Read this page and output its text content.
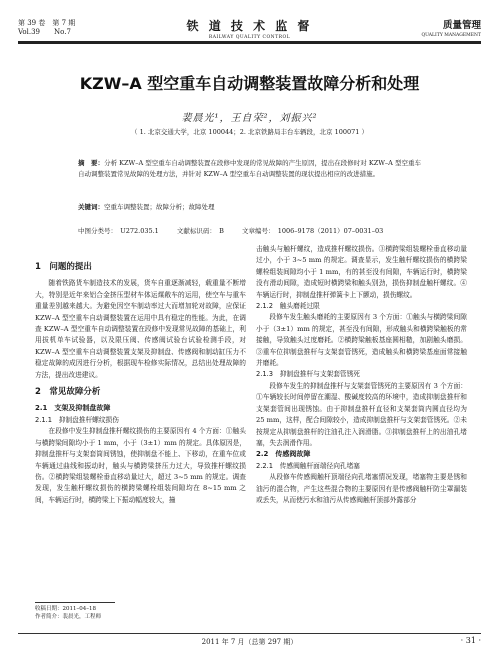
第 39 卷　第 7 期
Vol.39　　No.7	铁 道 技 术 监 督
RAILWAY QUALITY CONTROL
质量管理
QUALITY MANAGEMENT
KZW–A 型空重车自动调整装置故障分析和处理
裴晨光¹，王自荣²，刘振兴²
（ 1. 北京交通大学，北京 100044；2. 北京铁路局丰台车辆段，北京 100071 ）
摘　要：分析 KZW–A 型空重车自动调整装置在段修中发现的常见故障的产生原因，提出在段修时对 KZW–A 型空重车自动调整装置常见故障的处理方法，并针对 KZW–A 型空重车自动调整装置的现状提出相应的改进措施。
关键词：空重车调整装置；故障分析；故障处理
中图分类号：　U272.035.1	文献标识码：　B	文章编号：　1006–9178（2011）07–0031–03
1　问题的提出

随着铁路货车制造技术的发展，货车自重逐渐减轻，载重量不断增大，特别是近年来铝合金挤压型材车体运煤敞车的运用，使空车与重车重量差别越来越大。为避免因空车制动率过大而增加轮对故障，应保证 KZW–A 型空重车自动调整装置在运用中具有稳定的性能。为此，在调查 KZW–A 型空重车自动调整装置在段修中发现常见故障的基础上，利用拔机单车试验器，以及限压阀、传感阀试验台试验检测手段，对 KZW–A 型空重车自动调整装置支架及抑制盘、传感阀和制动缸压力不稳定故障的成因进行分析，根据现车检修实际情况，总结出处理故障的方法，提出改进建议。

2　常见故障分析
2.1　支架及抑制盘故障
2.1.1　抑制盘推杆螺纹损伤

在段修中发生抑制盘推杆螺纹损伤的主要原因有 4 个方面：①触头与横跨梁间隙均小于 1 mm，小于（3±1）mm 的规定。具体原因是，抑制盘推杆与支架套筒间锈蚀，使抑制盘不能上、下移动，在重车位或车辆通过曲线和振动时，触头与横跨梁挤压力过大，导致推杆螺纹损伤。②横跨梁组装螺栓垂直移动量过大，超过 3~5 mm 的规定。调查发现，发生触杆螺纹损伤的横跨梁螺栓组装间隙均在 8~15 mm 之间，车辆运行时，横跨梁上下振动幅度较大，撞

击触头与触杆螺纹，造成推杆螺纹损伤。③横跨梁组装螺栓垂直移动量过小，小于 3~5 mm 的规定。调查显示，发生触杆螺纹损伤的横跨梁螺栓组装间隙均小于 1 mm，有的甚至没有间隙，车辆运行时，横跨梁没有滑动间隙，造成短时横跨梁和触头别劲，损伤抑制盘触杆螺纹。④车辆运行时，抑制盘推杆弹簧卡上下颤动，损伤螺纹。

2.1.2　触头磨耗过限

段修车发生触头磨耗的主要原因有 3 个方面：①触头与横跨梁间隙小于（3±1）mm 的规定，甚至没有间隙，形成触头和横跨梁触板的常接触，导致触头过度磨耗。②横跨梁触板基座圆相糙，加剧触头磨损。③重车位抑制盘推杆与支架套管锈死，造成触头和横跨梁基座面常接触并磨耗。

2.1.3　抑制盘推杆与支架套管锈死

段修车发生的抑制盘推杆与支架套管锈死的主要原因有 3 个方面：①车辆较长时间停留在潮湿、酸碱度较高的环境中，造成抑制盘推杆和支架套管间出现锈蚀。由于抑制盘推杆直径和支架套筒内圆直径均为 25 mm，这样，配合间隙较小，造成抑制盘推杆与支架套管锈死。②未按规定从抑制盘推杆的注油孔注入润滑脂。③抑制盘推杆上的出油孔堵塞，失去润滑作用。

2.2　传感阀故障
2.2.1　传感阀触杆面端径向孔堵塞

从段修车传感阀触杆顶端径向孔堵塞情况发现，堵塞物主要是锈和油污的混合物，产生这些混合物的主要原因有是传感阀触杆防尘罩漏装或丢失，从而使污水和油污从传感阀触杆顶部外露部分

收稿日期：2011–04–18
作者简介：裴晨光，工程师
2011 年 7 月（总第 297 期）	· 31 ·
